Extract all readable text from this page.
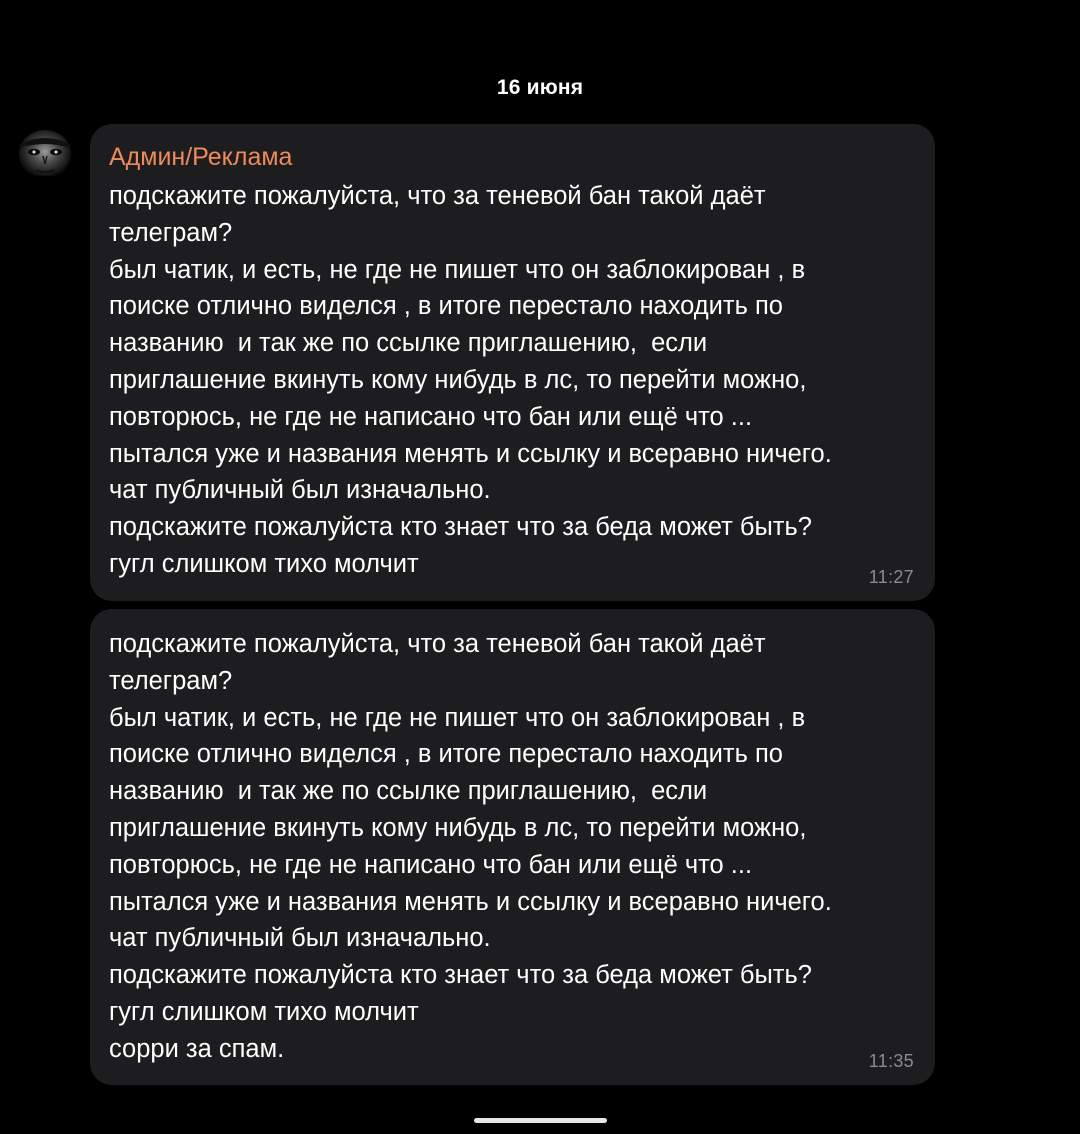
16 июня
Админ/Реклама
подскажите пожалуйста, что за теневой бан такой даёт
телеграм?
был чатик, и есть, не где не пишет что он заблокирован , в
поиске отлично виделся , в итоге перестало находить по
названию  и так же по ссылке приглашению,  если
приглашение вкинуть кому нибудь в лс, то перейти можно,
повторюсь, не где не написано что бан или ещё что ...
пытался уже и названия менять и ссылку и всеравно ничего.
чат публичный был изначально.
подскажите пожалуйста кто знает что за беда может быть?
гугл слишком тихо молчит	11:27
подскажите пожалуйста, что за теневой бан такой даёт
телеграм?
был чатик, и есть, не где не пишет что он заблокирован , в
поиске отлично виделся , в итоге перестало находить по
названию  и так же по ссылке приглашению,  если
приглашение вкинуть кому нибудь в лс, то перейти можно,
повторюсь, не где не написано что бан или ещё что ...
пытался уже и названия менять и ссылку и всеравно ничего.
чат публичный был изначально.
подскажите пожалуйста кто знает что за беда может быть?
гугл слишком тихо молчит
сорри за спам.	11:35
